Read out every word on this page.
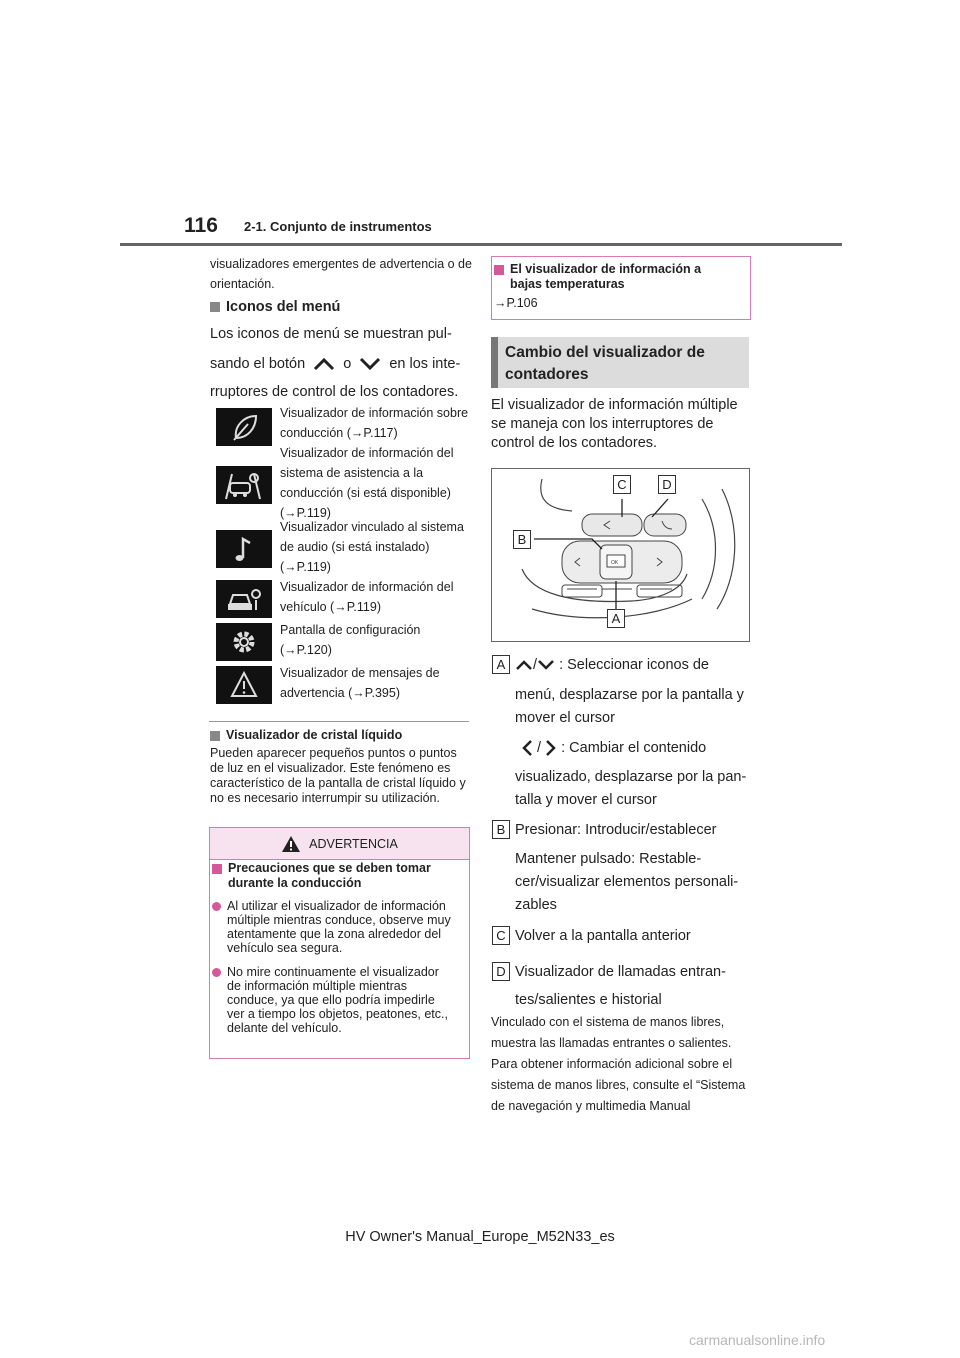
116 2-1. Conjunto de instrumentos
visualizadores emergentes de advertencia o de orientación.
Iconos del menú
Los iconos de menú se muestran pul-
sando el botón	o	en los inte-
rruptores de control de los contadores.
Visualizador de información sobre conducción (→P.117)
Visualizador de información del sistema de asistencia a la conducción (si está disponible) (→P.119)
Visualizador vinculado al sistema de audio (si está instalado) (→P.119)
Visualizador de información del vehículo (→P.119)
Pantalla de configuración (→P.120)
Visualizador de mensajes de advertencia (→P.395)
Visualizador de cristal líquido
Pueden aparecer pequeños puntos o puntos de luz en el visualizador. Este fenómeno es característico de la pantalla de cristal líquido y no es necesario interrumpir su utilización.
ADVERTENCIA
Precauciones que se deben tomar durante la conducción
Al utilizar el visualizador de información múltiple mientras conduce, observe muy atentamente que la zona alrededor del vehículo sea segura.
No mire continuamente el visualizador de información múltiple mientras conduce, ya que ello podría impedirle ver a tiempo los objetos, peatones, etc., delante del vehículo.
El visualizador de información a bajas temperaturas
→P.106
Cambio del visualizador de contadores
El visualizador de información múltiple se maneja con los interruptores de control de los contadores.
OK
C	D
B
A
A	/ : Seleccionar iconos de
menú, desplazarse por la pantalla y
mover el cursor
/  : Cambiar el contenido
visualizado, desplazarse por la pan-
talla y mover el cursor
B Presionar: Introducir/establecer
Mantener pulsado: Restable-
cer/visualizar elementos personali-
zables
C Volver a la pantalla anterior
D Visualizador de llamadas entran-
tes/salientes e historial
Vinculado con el sistema de manos libres, muestra las llamadas entrantes o salientes. Para obtener información adicional sobre el sistema de manos libres, consulte el “Sistema de navegación y multimedia Manual
HV Owner's Manual_Europe_M52N33_es
carmanualsonline.info
